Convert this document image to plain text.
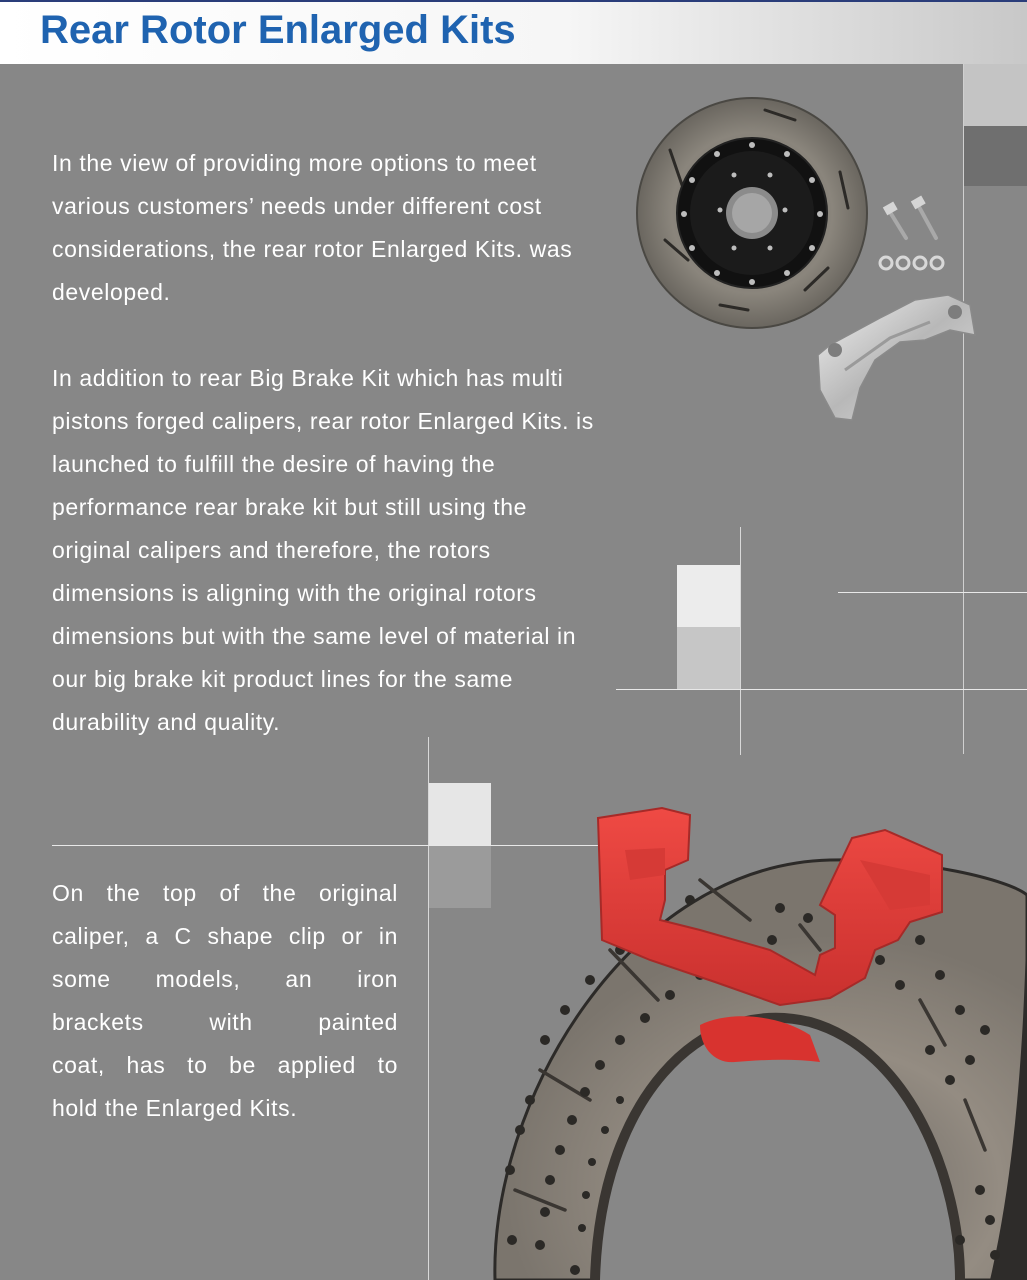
Rear Rotor Enlarged Kits
In the view of providing more options to meet
various customers’ needs under different cost
considerations, the rear rotor Enlarged Kits. was
developed.
In addition to rear Big Brake Kit which has multi
pistons forged calipers, rear rotor Enlarged Kits. is
launched to fulfill the desire of having the
performance rear brake kit but still using the
original calipers and therefore, the rotors
dimensions is aligning with the original rotors
dimensions but with the same level of material in
our big brake kit product lines for the same
durability and quality.
On the top of the original
caliper, a C shape clip or in
some models, an iron
brackets with painted
coat, has to be applied to
hold the Enlarged Kits.
